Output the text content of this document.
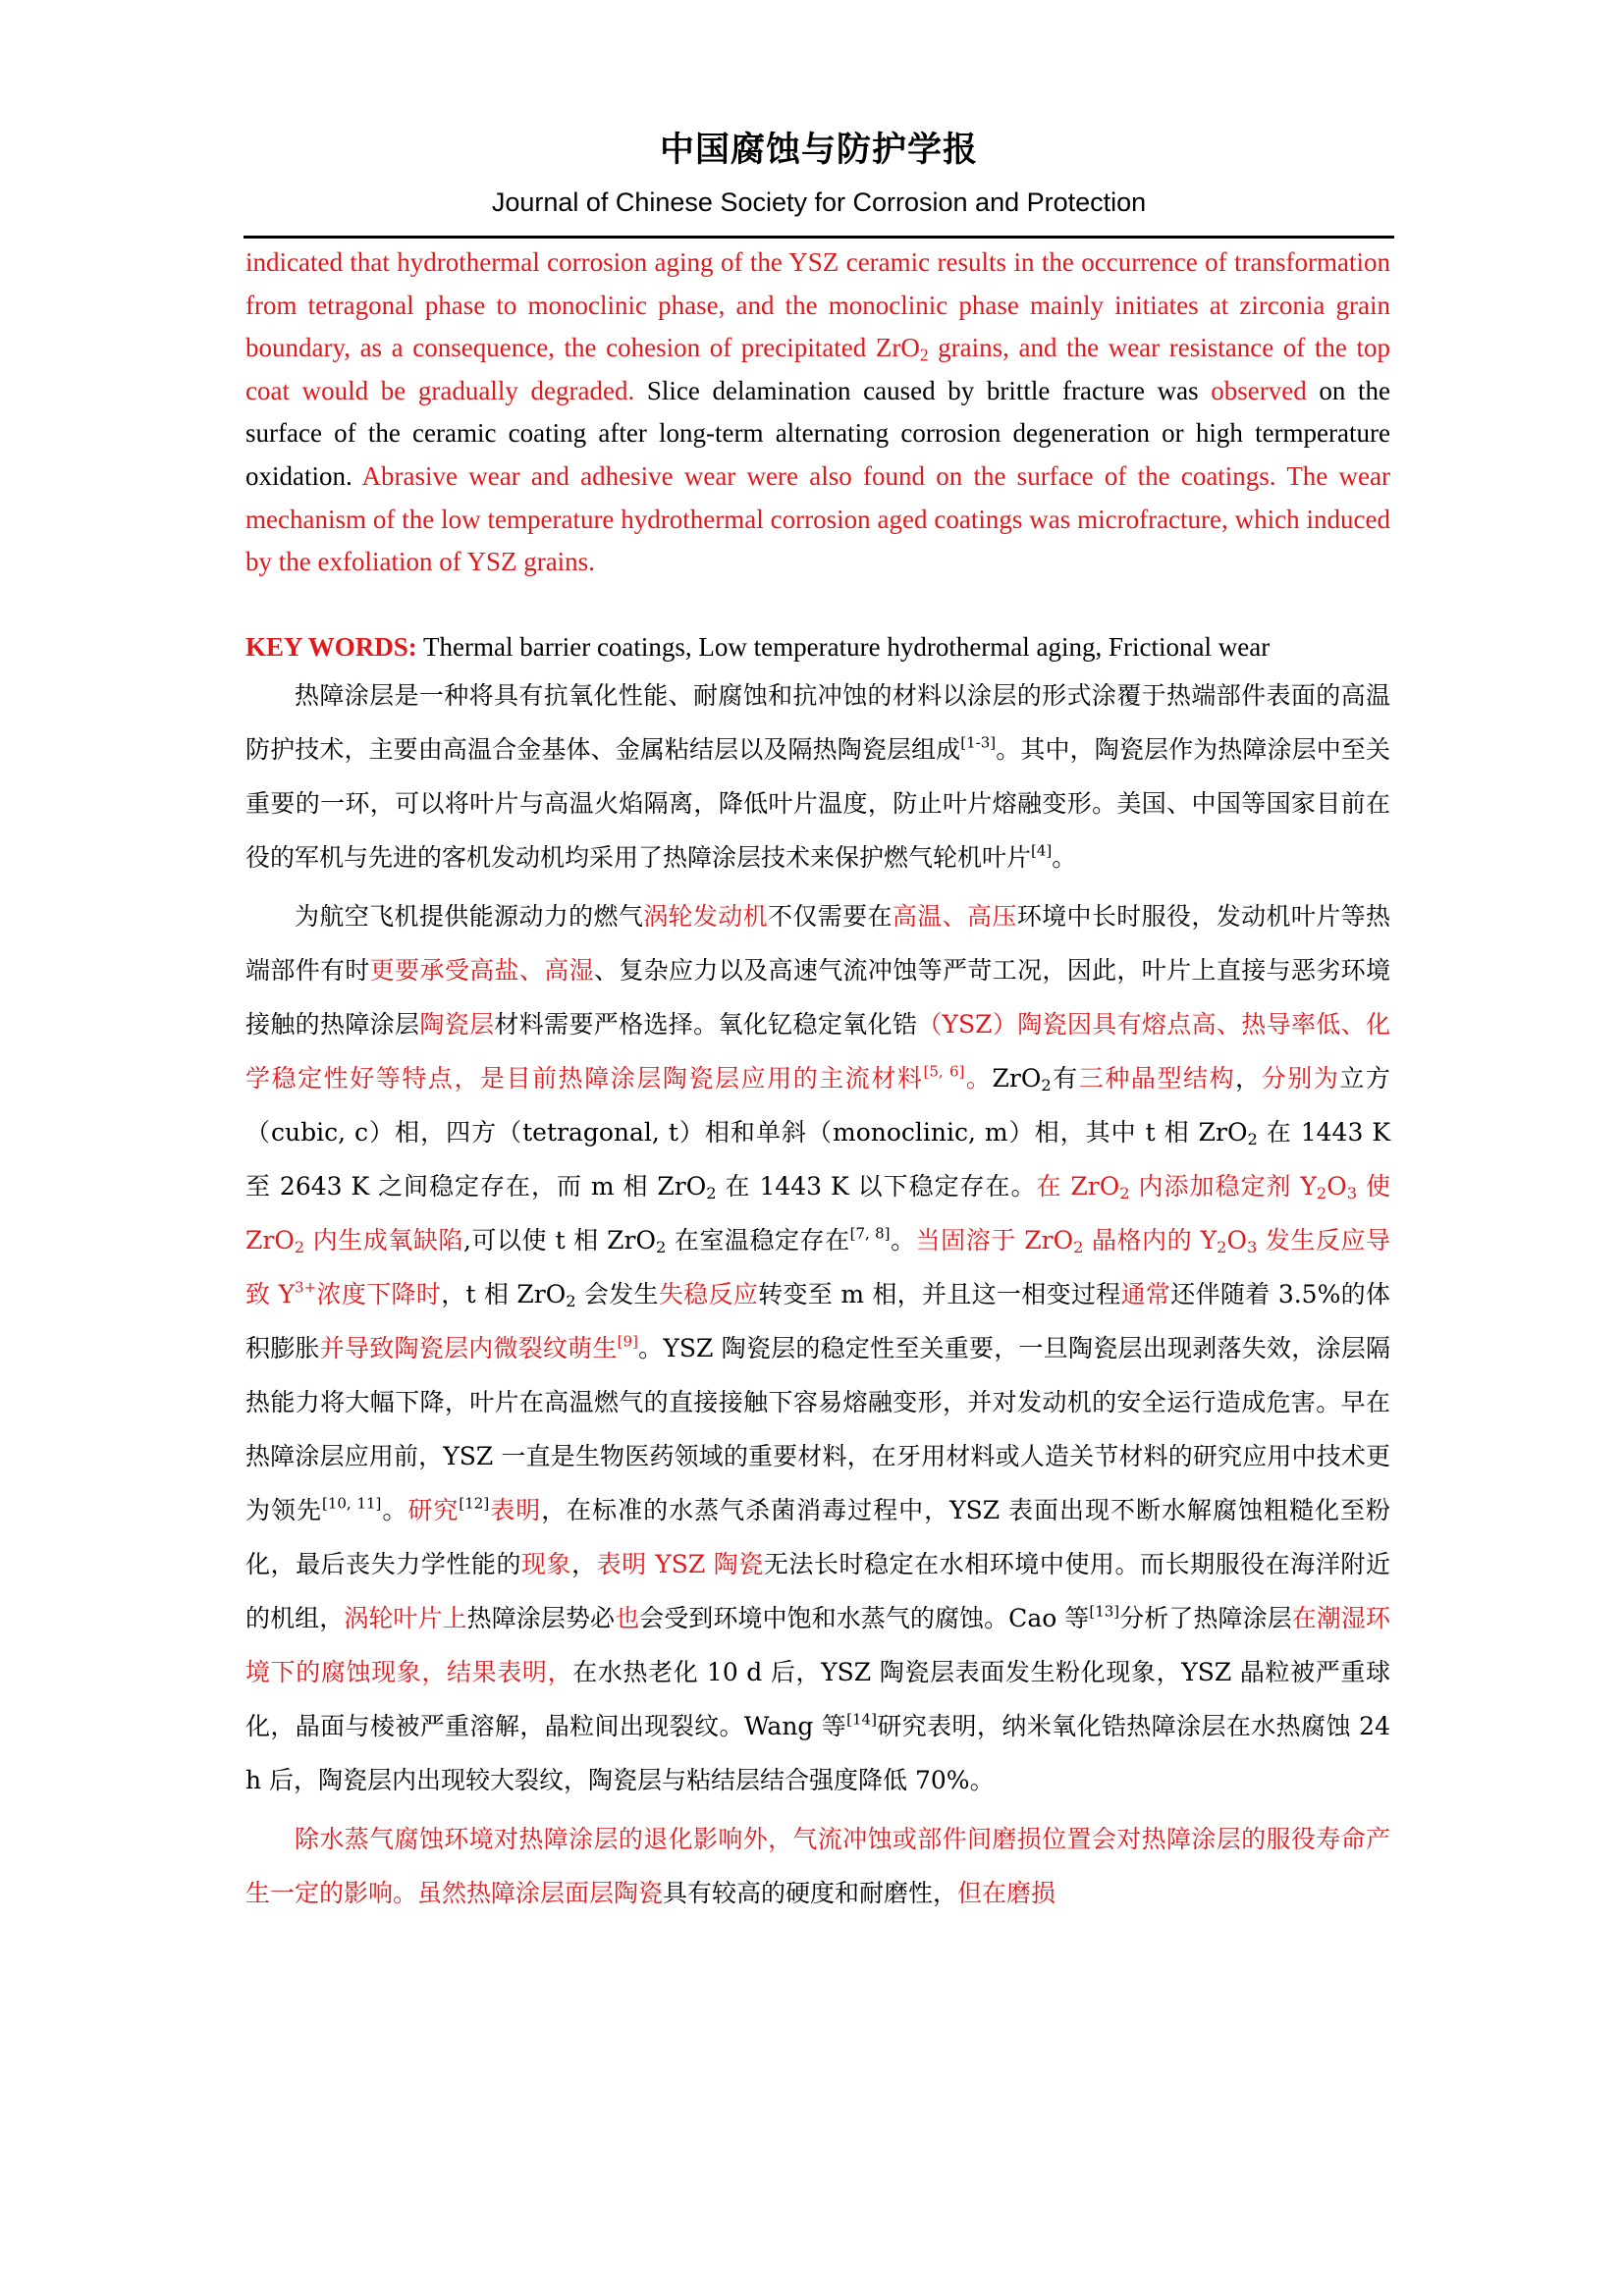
中国腐蚀与防护学报
Journal of Chinese Society for Corrosion and Protection

indicated that hydrothermal corrosion aging of the YSZ ceramic results in the occurrence of transformation from tetragonal phase to monoclinic phase, and the monoclinic phase mainly initiates at zirconia grain boundary, as a consequence, the cohesion of precipitated ZrO$_2$ grains, and the wear resistance of the top coat would be gradually degraded. Slice delamination caused by brittle fracture was observed on the surface of the ceramic coating after long-term alternating corrosion degeneration or high termperature oxidation. Abrasive wear and adhesive wear were also found on the surface of the coatings. The wear mechanism of the low temperature hydrothermal corrosion aged coatings was microfracture, which induced by the exfoliation of YSZ grains.

KEY WORDS: Thermal barrier coatings, Low temperature hydrothermal aging, Frictional wear

热障涂层是一种将具有抗氧化性能、耐腐蚀和抗冲蚀的材料以涂层的形式涂覆于热端部件表面的高温防护技术，主要由高温合金基体、金属粘结层以及隔热陶瓷层组成[1-3]。其中，陶瓷层作为热障涂层中至关重要的一环，可以将叶片与高温火焰隔离，降低叶片温度，防止叶片熔融变形。美国、中国等国家目前在役的军机与先进的客机发动机均采用了热障涂层技术来保护燃气轮机叶片[4]。

为航空飞机提供能源动力的燃气涡轮发动机不仅需要在高温、高压环境中长时服役，发动机叶片等热端部件有时更要承受高盐、高湿、复杂应力以及高速气流冲蚀等严苛工况，因此，叶片上直接与恶劣环境接触的热障涂层陶瓷层材料需要严格选择。氧化钇稳定氧化锆（YSZ）陶瓷因具有熔点高、热导率低、化学稳定性好等特点，是目前热障涂层陶瓷层应用的主流材料[5, 6]。ZrO$_2$有三种晶型结构，分别为立方（cubic, c）相，四方（tetragonal, t）相和单斜（monoclinic, m）相，其中 t 相 ZrO$_2$ 在 1443 K 至 2643 K 之间稳定存在，而 m 相 ZrO$_2$ 在 1443 K 以下稳定存在。在 ZrO$_2$ 内添加稳定剂 $Y_2O_3$ 使 ZrO$_2$ 内生成氧缺陷,可以使 t 相 ZrO$_2$ 在室温稳定存在[7, 8]。当固溶于 ZrO$_2$ 晶格内的 $Y_2O_3$ 发生反应导致 $Y^{3+}$浓度下降时，t 相 ZrO$_2$ 会发生失稳反应转变至 m 相，并且这一相变过程通常还伴随着 3.5%的体积膨胀并导致陶瓷层内微裂纹萌生[9]。YSZ 陶瓷层的稳定性至关重要，一旦陶瓷层出现剥落失效，涂层隔热能力将大幅下降，叶片在高温燃气的直接接触下容易熔融变形，并对发动机的安全运行造成危害。早在热障涂层应用前，YSZ 一直是生物医药领域的重要材料，在牙用材料或人造关节材料的研究应用中技术更为领先[10, 11]。研究[12]表明，在标准的水蒸气杀菌消毒过程中，YSZ 表面出现不断水解腐蚀粗糙化至粉化，最后丧失力学性能的现象，表明 YSZ 陶瓷无法长时稳定在水相环境中使用。而长期服役在海洋附近的机组，涡轮叶片上热障涂层势必也会受到环境中饱和水蒸气的腐蚀。Cao 等[13]分析了热障涂层在潮湿环境下的腐蚀现象，结果表明，在水热老化 10 d 后，YSZ 陶瓷层表面发生粉化现象，YSZ 晶粒被严重球化，晶面与棱被严重溶解，晶粒间出现裂纹。Wang 等[14]研究表明，纳米氧化锆热障涂层在水热腐蚀 24 h 后，陶瓷层内出现较大裂纹，陶瓷层与粘结层结合强度降低 70%。

除水蒸气腐蚀环境对热障涂层的退化影响外，气流冲蚀或部件间磨损位置会对热障涂层的服役寿命产生一定的影响。虽然热障涂层面层陶瓷具有较高的硬度和耐磨性，但在磨损
